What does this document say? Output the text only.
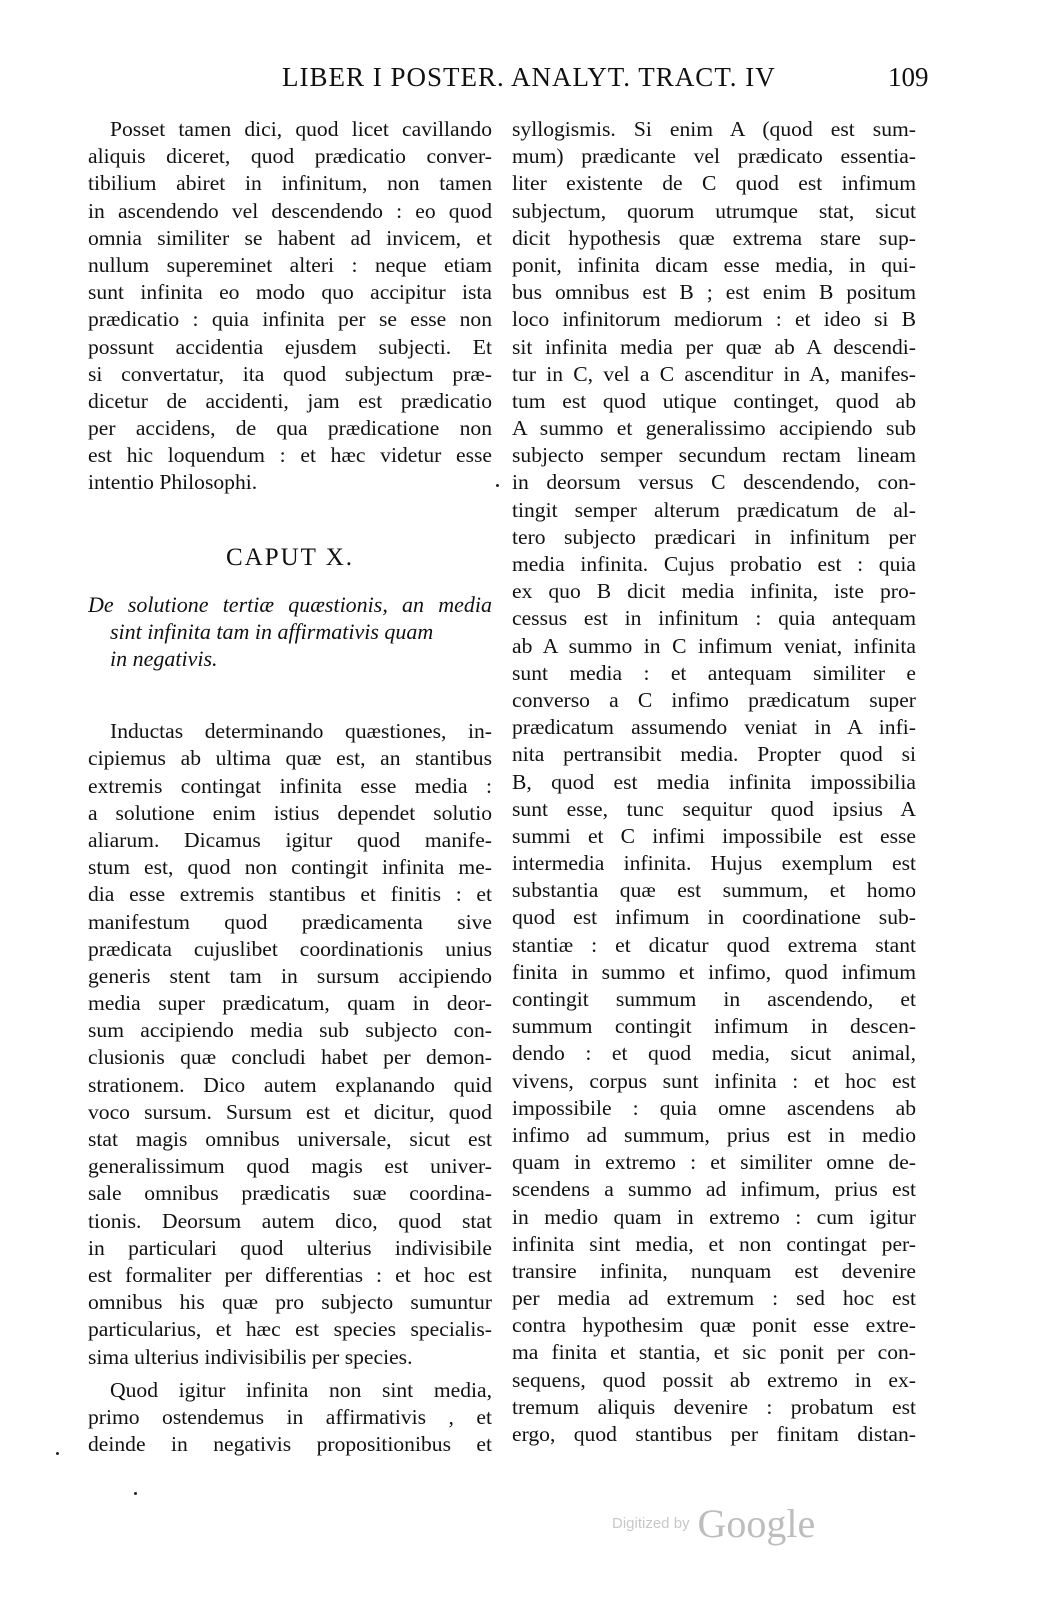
LIBER I POSTER. ANALYT. TRACT. IV	109

Posset tamen dici, quod licet cavillando
aliquis diceret, quod prædicatio conver-
tibilium abiret in infinitum, non tamen
in ascendendo vel descendendo : eo quod
omnia similiter se habent ad invicem, et
nullum supereminet alteri : neque etiam
sunt infinita eo modo quo accipitur ista
prædicatio : quia infinita per se esse non
possunt accidentia ejusdem subjecti. Et
si convertatur, ita quod subjectum præ-
dicetur de accidenti, jam est prædicatio
per accidens, de qua prædicatione non
est hic loquendum : et hæc videtur esse
intentio Philosophi.

CAPUT X.
De solutione tertiæ quæstionis, an media
sint infinita tam in affirmativis quam
in negativis.

Inductas determinando quæstiones, in-
cipiemus ab ultima quæ est, an stantibus
extremis contingat infinita esse media :
a solutione enim istius dependet solutio
aliarum. Dicamus igitur quod manife-
stum est, quod non contingit infinita me-
dia esse extremis stantibus et finitis : et
manifestum quod prædicamenta sive
prædicata cujuslibet coordinationis unius
generis stent tam in sursum accipiendo
media super prædicatum, quam in deor-
sum accipiendo media sub subjecto con-
clusionis quæ concludi habet per demon-
strationem. Dico autem explanando quid
voco sursum. Sursum est et dicitur, quod
stat magis omnibus universale, sicut est
generalissimum quod magis est univer-
sale omnibus prædicatis suæ coordina-
tionis. Deorsum autem dico, quod stat
in particulari quod ulterius indivisibile
est formaliter per differentias : et hoc est
omnibus his quæ pro subjecto sumuntur
particularius, et hæc est species specialis-
sima ulterius indivisibilis per species.

Quod igitur infinita non sint media,
primo ostendemus in affirmativis , et
deinde in negativis propositionibus et

syllogismis. Si enim A (quod est sum-
mum) prædicante vel prædicato essentia-
liter existente de C quod est infimum
subjectum, quorum utrumque stat, sicut
dicit hypothesis quæ extrema stare sup-
ponit, infinita dicam esse media, in qui-
bus omnibus est B ; est enim B positum
loco infinitorum mediorum : et ideo si B
sit infinita media per quæ ab A descendi-
tur in C, vel a C ascenditur in A, manifes-
tum est quod utique continget, quod ab
A summo et generalissimo accipiendo sub
subjecto semper secundum rectam lineam
in deorsum versus C descendendo, con-
tingit semper alterum prædicatum de al-
tero subjecto prædicari in infinitum per
media infinita. Cujus probatio est : quia
ex quo B dicit media infinita, iste pro-
cessus est in infinitum : quia antequam
ab A summo in C infimum veniat, infinita
sunt media : et antequam similiter e
converso a C infimo prædicatum super
prædicatum assumendo veniat in A infi-
nita pertransibit media. Propter quod si
B, quod est media infinita impossibilia
sunt esse, tunc sequitur quod ipsius A
summi et C infimi impossibile est esse
intermedia infinita. Hujus exemplum est
substantia quæ est summum, et homo
quod est infimum in coordinatione sub-
stantiæ : et dicatur quod extrema stant
finita in summo et infimo, quod infimum
contingit summum in ascendendo, et
summum contingit infimum in descen-
dendo : et quod media, sicut animal,
vivens, corpus sunt infinita : et hoc est
impossibile : quia omne ascendens ab
infimo ad summum, prius est in medio
quam in extremo : et similiter omne de-
scendens a summo ad infimum, prius est
in medio quam in extremo : cum igitur
infinita sint media, et non contingat per-
transire infinita, nunquam est devenire
per media ad extremum : sed hoc est
contra hypothesim quæ ponit esse extre-
ma finita et stantia, et sic ponit per con-
sequens, quod possit ab extremo in ex-
tremum aliquis devenire : probatum est
ergo, quod stantibus per finitam distan-

Digitized by Google
